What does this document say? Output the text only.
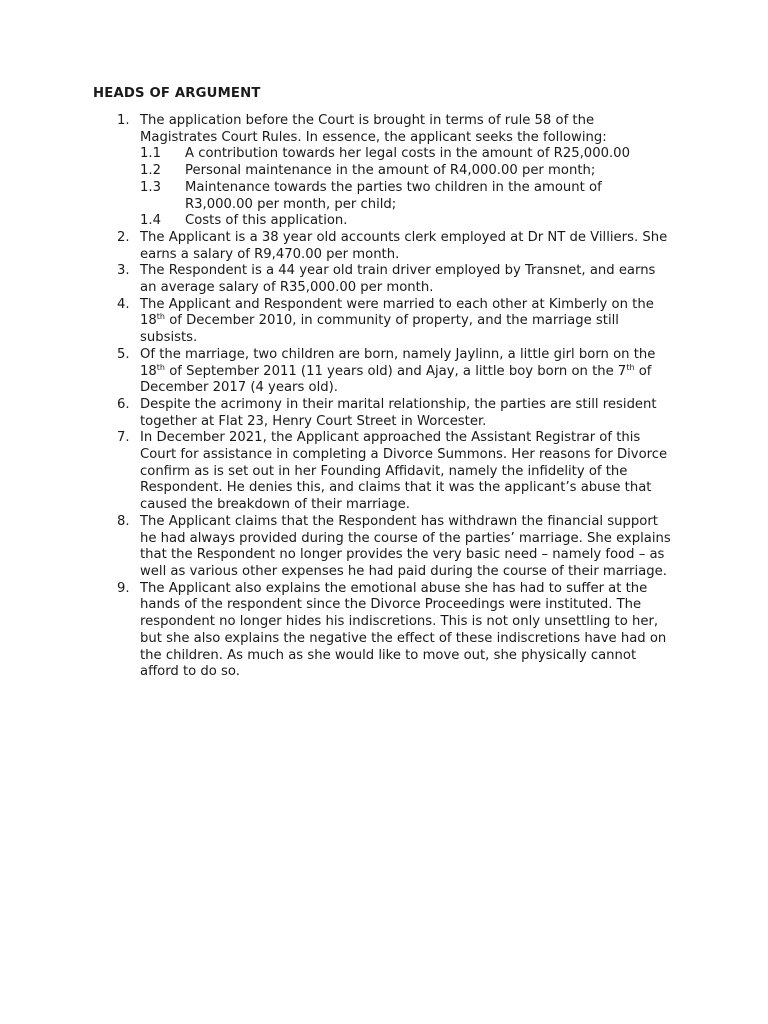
HEADS OF ARGUMENT
1. The application before the Court is brought in terms of rule 58 of the Magistrates Court Rules. In essence, the applicant seeks the following:
1.1 A contribution towards her legal costs in the amount of R25,000.00
1.2 Personal maintenance in the amount of R4,000.00 per month;
1.3 Maintenance towards the parties two children in the amount of R3,000.00 per month, per child;
1.4 Costs of this application.
2. The Applicant is a 38 year old accounts clerk employed at Dr NT de Villiers. She earns a salary of R9,470.00 per month.
3. The Respondent is a 44 year old train driver employed by Transnet, and earns an average salary of R35,000.00 per month.
4. The Applicant and Respondent were married to each other at Kimberly on the 18th of December 2010, in community of property, and the marriage still subsists.
5. Of the marriage, two children are born, namely Jaylinn, a little girl born on the 18th of September 2011 (11 years old) and Ajay, a little boy born on the 7th of December 2017 (4 years old).
6. Despite the acrimony in their marital relationship, the parties are still resident together at Flat 23, Henry Court Street in Worcester.
7. In December 2021, the Applicant approached the Assistant Registrar of this Court for assistance in completing a Divorce Summons. Her reasons for Divorce confirm as is set out in her Founding Affidavit, namely the infidelity of the Respondent. He denies this, and claims that it was the applicant’s abuse that caused the breakdown of their marriage.
8. The Applicant claims that the Respondent has withdrawn the financial support he had always provided during the course of the parties’ marriage. She explains that the Respondent no longer provides the very basic need – namely food – as well as various other expenses he had paid during the course of their marriage.
9. The Applicant also explains the emotional abuse she has had to suffer at the hands of the respondent since the Divorce Proceedings were instituted. The respondent no longer hides his indiscretions. This is not only unsettling to her, but she also explains the negative the effect of these indiscretions have had on the children. As much as she would like to move out, she physically cannot afford to do so.
